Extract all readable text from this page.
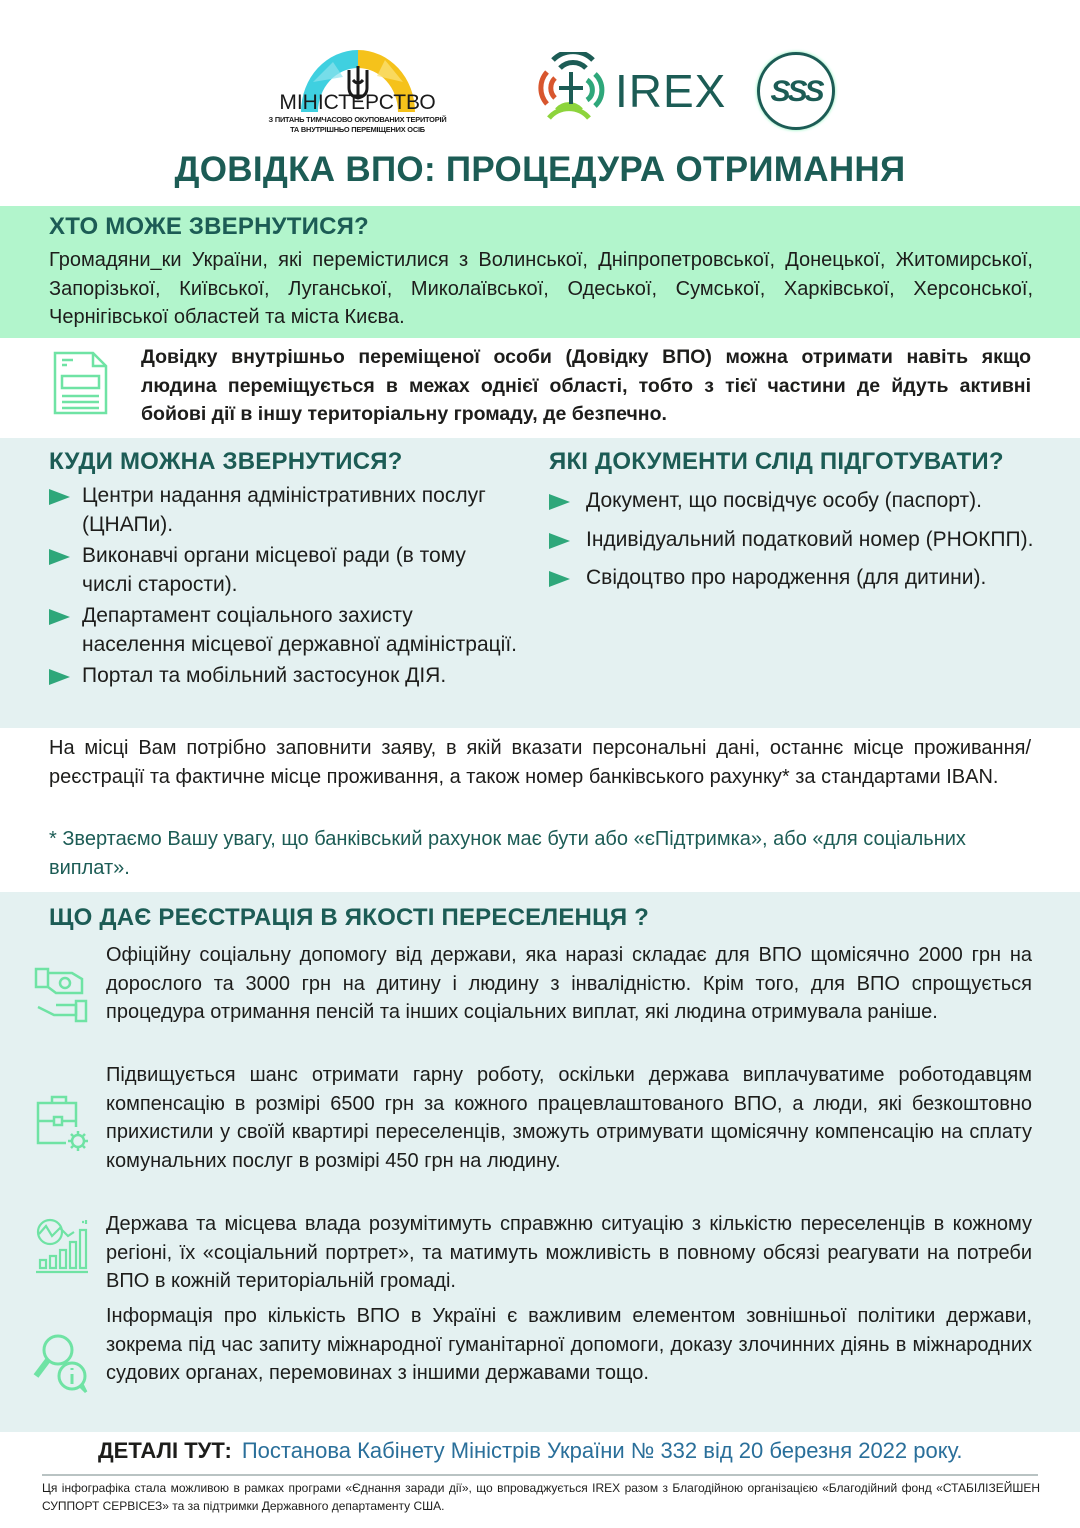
МІНІСТЕРСТВО
З ПИТАНЬ ТИМЧАСОВО ОКУПОВАНИХ ТЕРИТОРІЙ
ТА ВНУТРІШНЬО ПЕРЕМІЩЕНИХ ОСІБ
IREX	SSS
ДОВІДКА ВПО: ПРОЦЕДУРА ОТРИМАННЯ
ХТО МОЖЕ ЗВЕРНУТИСЯ?
Громадяни_ки України, які перемістилися з Волинської, Дніпропетровської, Донецької, Житомирської, Запорізької, Київської, Луганської, Миколаївської, Одеської, Сумської, Харківської, Херсонської, Чернігівської областей та міста Києва.
Довідку внутрішньо переміщеної особи (Довідку ВПО) можна отримати навіть якщо людина переміщується в межах однієї області, тобто з тієї частини де йдуть активні бойові дії в іншу територіальну громаду, де безпечно.
КУДИ МОЖНА ЗВЕРНУТИСЯ?
Центри надання адміністративних послуг (ЦНАПи).
Виконавчі органи місцевої ради (в тому числі старости).
Департамент соціального захисту населення місцевої державної адміністрації.
Портал та мобільний застосунок ДІЯ.
ЯКІ ДОКУМЕНТИ СЛІД ПІДГОТУВАТИ?
Документ, що посвідчує особу (паспорт).
Індивідуальний податковий номер (РНОКПП).
Свідоцтво про народження (для дитини).
На місці Вам потрібно заповнити заяву, в якій вказати персональні дані, останнє місце проживання/реєстрації та фактичне місце проживання, а також номер банківського рахунку* за стандартами IBAN.
* Звертаємо Вашу увагу, що банківський рахунок має бути або «єПідтримка», або «для соціальних виплат».
ЩО ДАЄ РЕЄСТРАЦІЯ В ЯКОСТІ ПЕРЕСЕЛЕНЦЯ ?
Офіційну соціальну допомогу від держави, яка наразі складає для ВПО щомісячно 2000 грн на дорослого та 3000 грн на дитину і людину з інвалідністю. Крім того, для ВПО спрощується процедура отримання пенсій та інших соціальних виплат, які людина отримувала раніше.
Підвищується шанс отримати гарну роботу, оскільки держава виплачуватиме роботодавцям компенсацію в розмірі 6500 грн за кожного працевлаштованого ВПО, а люди, які безкоштовно прихистили у своїй квартирі переселенців, зможуть отримувати щомісячну компенсацію на сплату комунальних послуг в розмірі 450 грн на людину.
Держава та місцева влада розумітимуть справжню ситуацію з кількістю переселенців в кожному регіоні, їх «соціальний портрет», та матимуть можливість в повному обсязі реагувати на потреби ВПО в кожній територіальній громаді.
Інформація про кількість ВПО в Україні є важливим елементом зовнішньої політики держави, зокрема під час запиту міжнародної гуманітарної допомоги, доказу злочинних діянь в міжнародних судових органах, перемовинах з іншими державами тощо.
ДЕТАЛІ ТУТ: Постанова Кабінету Міністрів України № 332 від 20 березня 2022 року.
Ця інфографіка стала можливою в рамках програми «Єднання заради дії», що впроваджується IREX разом з Благодійною організацією «Благодійний фонд «СТАБІЛІЗЕЙШЕН СУППОРТ СЕРВІСЕЗ» та за підтримки Державного департаменту США.
